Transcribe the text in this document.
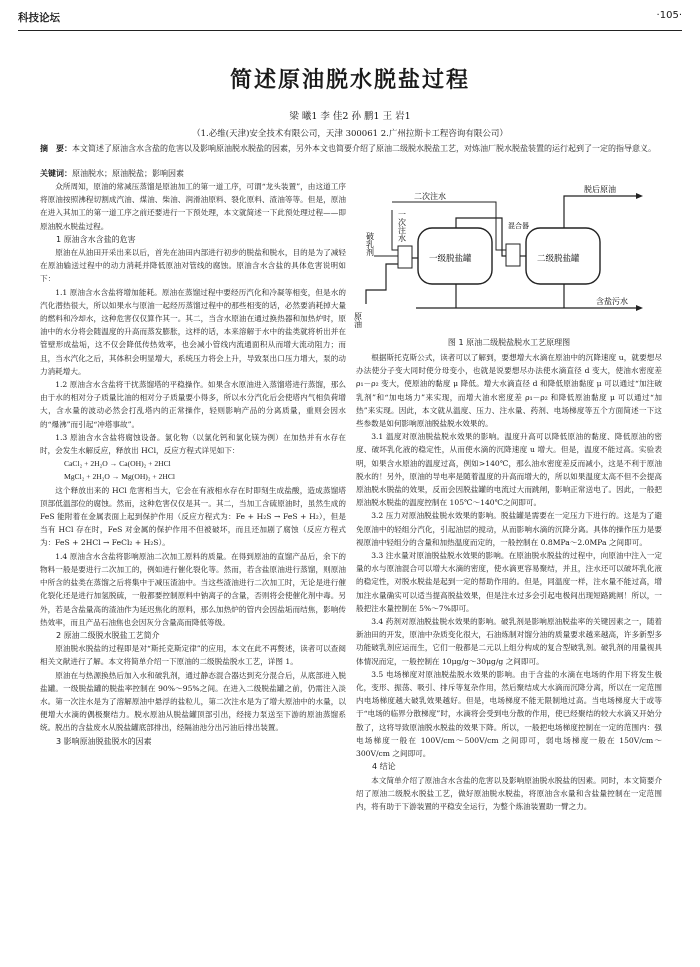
科技论坛	·105·
简述原油脱水脱盐过程
梁 曦1 李 佳2 孙 鹏1 王 岩1
（1.必维(天津)安全技术有限公司，天津 300061 2.广州拉斯卡工程咨询有限公司）
摘　要：本文简述了原油含水含盐的危害以及影响原油脱水脱盐的因素，另外本文也简要介绍了原油二级脱水脱盐工艺，对炼油厂脱水脱盐装置的运行起到了一定的指导意义。
关键词：原油脱水；原油脱盐；影响因素

众所周知，原油的常减压蒸馏是原油加工的第一道工序，可谓“龙头装置”，由这道工序将原油按照沸程切割成汽油、煤油、柴油、润滑油原料、裂化原料、渣油等等。但是，原油在进入其加工的第一道工序之前还要进行一下预处理，本文就简述一下此预处理过程——即原油脱水脱盐过程。

1 原油含水含盐的危害

原油在从油田开采出来以后，首先在油田内部进行初步的脱盐和脱水，目的是为了减轻在原油输送过程中的动力消耗并降低原油对管线的腐蚀。原油含水含盐的具体危害说明如下：

1.1 原油含水含盐将增加能耗。原油在蒸馏过程中要经历汽化和冷凝等相变，但是水的汽化潜热很大，所以如果水与原油一起经历蒸馏过程中的那些相变的话，必然要消耗掉大量的燃料和冷却水，这种危害仅仅算作其一。其二，当含水原油在通过换热器和加热炉时，原油中的水分将会随温度的升高而蒸发膨胀，这样的话，本来溶解于水中的盐类就将析出并在管壁形成盐垢，这不仅会降低传热效率，也会减小管线内流通面积从而增大流动阻力；而且，当水汽化之后，其体积会明显增大，系统压力将会上升，导致泵出口压力增大，泵的动力消耗增大。

1.2 原油含水含盐将干扰蒸馏塔的平稳操作。如果含水原油进入蒸馏塔进行蒸馏，那么由于水的相对分子质量比油的相对分子质量要小得多，所以水分汽化后会使塔内气相负荷增大，含水量的波动必然会打乱塔内的正常操作，轻则影响产品的分离质量，重则会因水的“爆沸”而引起“冲塔事故”。

1.3 原油含水含盐将腐蚀设备。氯化物（以氯化钙和氯化镁为例）在加热并有水存在时，会发生水解反应，释放出 HCl，反应方程式详见如下：

CaCl₂ + 2H₂O → Ca(OH)₂ + 2HCl

MgCl₂ + 2H₂O → Mg(OH)₂ + 2HCl

这个释放出来的 HCl 危害相当大，它会在有液相水存在时即刻生成盐酸，造成蒸馏塔顶部低温部位的腐蚀。然而，这种危害仅仅是其一。其二，当加工含硫原油时，虽然生成的 FeS 能附着在金属表面上起到保护作用（反应方程式为：Fe + H₂S → FeS + H₂），但是当有 HCl 存在时，FeS 对金属的保护作用不但被破坏，而且还加剧了腐蚀（反应方程式为：FeS + 2HCl → FeCl₂ + H₂S）。

1.4 原油含水含盐将影响原油二次加工原料的质量。在得到原油的直馏产品后，余下的物料一般是要进行二次加工的，例如进行催化裂化等。然而，若含盐原油进行蒸馏，则原油中所含的盐类在蒸馏之后将集中于减压渣油中。当这些渣油进行二次加工时，无论是进行催化裂化还是进行加氢脱硫，一般都要控制原料中钠离子的含量，否则将会使催化剂中毒。另外，若是含盐量高的渣油作为延迟焦化的原料，那么加热炉的管内会因盐垢而结焦，影响传热效率，而且产品石油焦也会因灰分含量高而降低等级。

2 原油二级脱水脱盐工艺简介

原油脱水脱盐的过程即是对“斯托克斯定律”的应用，本文在此不再赘述，读者可以查阅相关文献进行了解。本文将简单介绍一下原油的二级脱盐脱水工艺，详图 1。

原油在与热源换热后加入水和破乳剂，通过静态混合器达到充分混合后，从底部进入脱盐罐。一级脱盐罐的脱盐率控制在 90%～95%之间。在进入二级脱盐罐之前，仍需注入淡水。第一次注水是为了溶解原油中悬浮的盐粒儿，第二次注水是为了增大原油中的水量，以便增大水滴的偶极聚结力。脱水原油从脱盐罐顶部引出，经接力泵送至下游的原油蒸馏系统。脱出的含盐废水从脱盐罐底部排出，经隔油池分出污油后排出装置。

3 影响原油脱盐脱水的因素
二次注水
一次注水
破乳剂
原油
混合器
一级脱盐罐	二级脱盐罐
脱后原油
含盐污水
图 1 原油二级脱盐脱水工艺原理图

根据斯托克斯公式，读者可以了解到，要想增大水滴在原油中的沉降速度 u，就要想尽办法使分子变大同时使分母变小，也就是说要想尽办法使水滴直径 d 变大，使油水密度差 ρ₁－ρ₂ 变大，使原油的黏度 μ 降低。增大水滴直径 d 和降低原油黏度 μ 可以通过“加注破乳剂”和“加电场力”来实现，而增大油水密度差 ρ₁－ρ₂ 和降低原油黏度 μ 可以通过“加热”来实现。因此，本文就从温度、压力、注水量、药剂、电场梯度等五个方面简述一下这些参数是如何影响原油脱盐脱水效果的。

3.1 温度对原油脱盐脱水效果的影响。温度升高可以降低原油的黏度、降低原油的密度、破坏乳化液的稳定性，从而使水滴的沉降速度 u 增大。但是，温度不能过高。实验表明，如果含水原油的温度过高，例如>140℃，那么油水密度差反而减小，这是不利于原油脱水的！另外，原油的导电率是随着温度的升高而增大的，所以如果温度太高不但不会提高原油脱水脱盐的效果，反而会因脱盐罐的电流过大而跳闸，影响正常送电了。因此，一般把原油脱水脱盐的温度控制在 105℃～140℃之间即可。

3.2 压力对原油脱盐脱水效果的影响。脱盐罐是需要在一定压力下进行的。这是为了避免原油中的轻组分汽化，引起油层的搅动，从而影响水滴的沉降分离。具体的操作压力是要视原油中轻组分的含量和加热温度而定的，一般控制在 0.8MPa～2.0MPa 之间即可。

3.3 注水量对原油脱盐脱水效果的影响。在原油脱水脱盐的过程中，向原油中注入一定量的水与原油混合可以增大水滴的密度，使水滴更容易聚结，并且，注水还可以破坏乳化液的稳定性，对脱水脱盐是起到一定的帮助作用的。但是，同温度一样，注水量不能过高，增加注水量确实可以适当提高脱盐效果，但是注水过多会引起电极间出现短路跳闸！所以，一般把注水量控制在 5%～7%即可。

3.4 药剂对原油脱盐脱水效果的影响。破乳剂是影响原油脱盐率的关键因素之一，随着新油田的开发，原油中杂质变化很大，石油炼制对馏分油的质量要求越来越高，许多新型多功能破乳剂应运而生，它们一般都是二元以上组分构成的复合型破乳剂。破乳剂的用量视具体情况而定，一般控制在 10μg/g～30μg/g 之间即可。

3.5 电场梯度对原油脱盐脱水效果的影响。由于含盐的水滴在电场的作用下将发生极化，变形、振荡、吸引、排斥等复杂作用，然后聚结成大水滴而沉降分离，所以在一定范围内电场梯度越大破乳效果越好。但是，电场梯度不能无限制地过高。当电场梯度大于或等于“电场的临界分散梯度”时，水滴将会受到电分散的作用，使已经聚结的较大水滴又开始分散了，这将导致原油脱水脱盐的效果下降。所以，一般把电场梯度控制在一定的范围内：强电场梯度一般在 100V/cm～500V/cm 之间即可，弱电场梯度一般在 150V/cm～300V/cm 之间即可。

4 结论

本文简单介绍了原油含水含盐的危害以及影响原油脱水脱盐的因素。同时，本文简要介绍了原油二级脱水脱盐工艺，做好原油脱水脱盐，将原油含水量和含盐量控制在一定范围内，将有助于下游装置的平稳安全运行，为整个炼油装置助一臂之力。
